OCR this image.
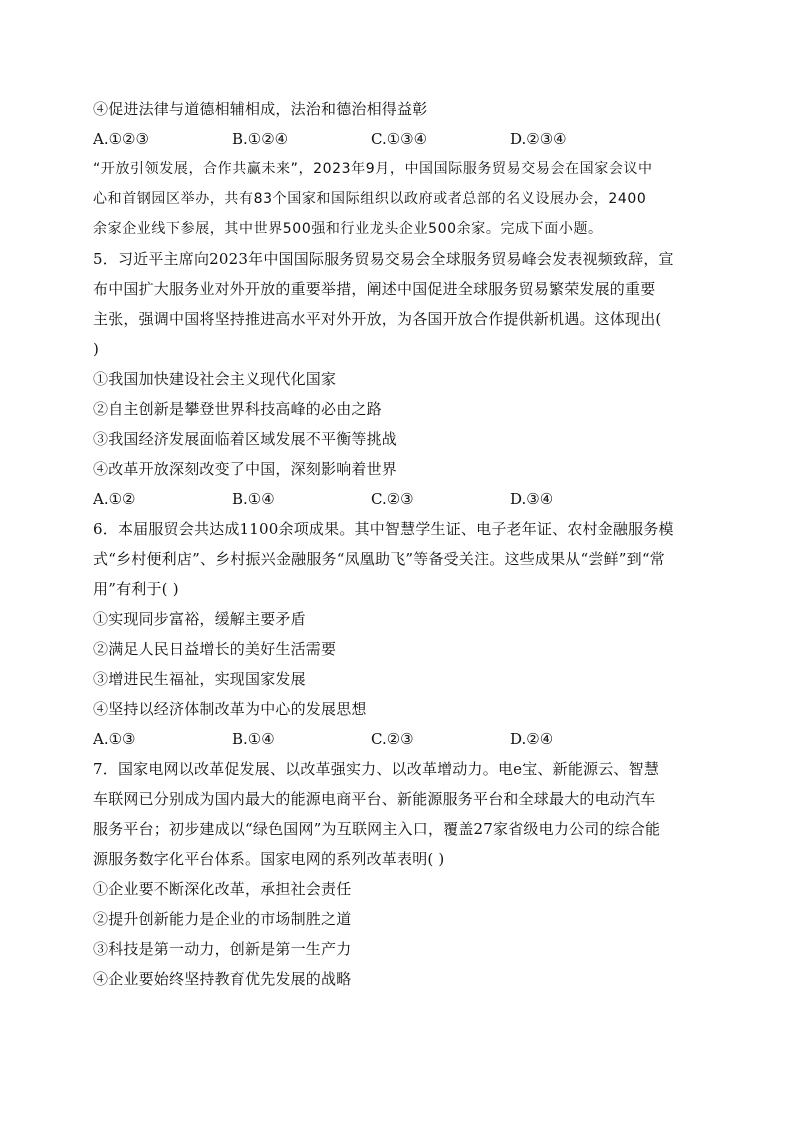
④促进法律与道德相辅相成，法治和德治相得益彰
A.①②③	B.①②④	C.①③④	D.②③④
“开放引领发展，合作共赢未来”，2023年9月，中国国际服务贸易交易会在国家会议中
心和首钢园区举办，共有83个国家和国际组织以政府或者总部的名义设展办会，2400
余家企业线下参展，其中世界500强和行业龙头企业500余家。完成下面小题。
5．习近平主席向2023年中国国际服务贸易交易会全球服务贸易峰会发表视频致辞，宣
布中国扩大服务业对外开放的重要举措，阐述中国促进全球服务贸易繁荣发展的重要
主张，强调中国将坚持推进高水平对外开放，为各国开放合作提供新机遇。这体现出(
)
①我国加快建设社会主义现代化国家
②自主创新是攀登世界科技高峰的必由之路
③我国经济发展面临着区域发展不平衡等挑战
④改革开放深刻改变了中国，深刻影响着世界
A.①②	B.①④	C.②③	D.③④
6．本届服贸会共达成1100余项成果。其中智慧学生证、电子老年证、农村金融服务模
式“乡村便利店”、乡村振兴金融服务“凤凰助飞”等备受关注。这些成果从“尝鲜”到“常
用”有利于( )
①实现同步富裕，缓解主要矛盾
②满足人民日益增长的美好生活需要
③增进民生福祉，实现国家发展
④坚持以经济体制改革为中心的发展思想
A.①③	B.①④	C.②③	D.②④
7．国家电网以改革促发展、以改革强实力、以改革增动力。电e宝、新能源云、智慧
车联网已分别成为国内最大的能源电商平台、新能源服务平台和全球最大的电动汽车
服务平台；初步建成以“绿色国网”为互联网主入口，覆盖27家省级电力公司的综合能
源服务数字化平台体系。国家电网的系列改革表明( )
①企业要不断深化改革，承担社会责任
②提升创新能力是企业的市场制胜之道
③科技是第一动力，创新是第一生产力
④企业要始终坚持教育优先发展的战略
